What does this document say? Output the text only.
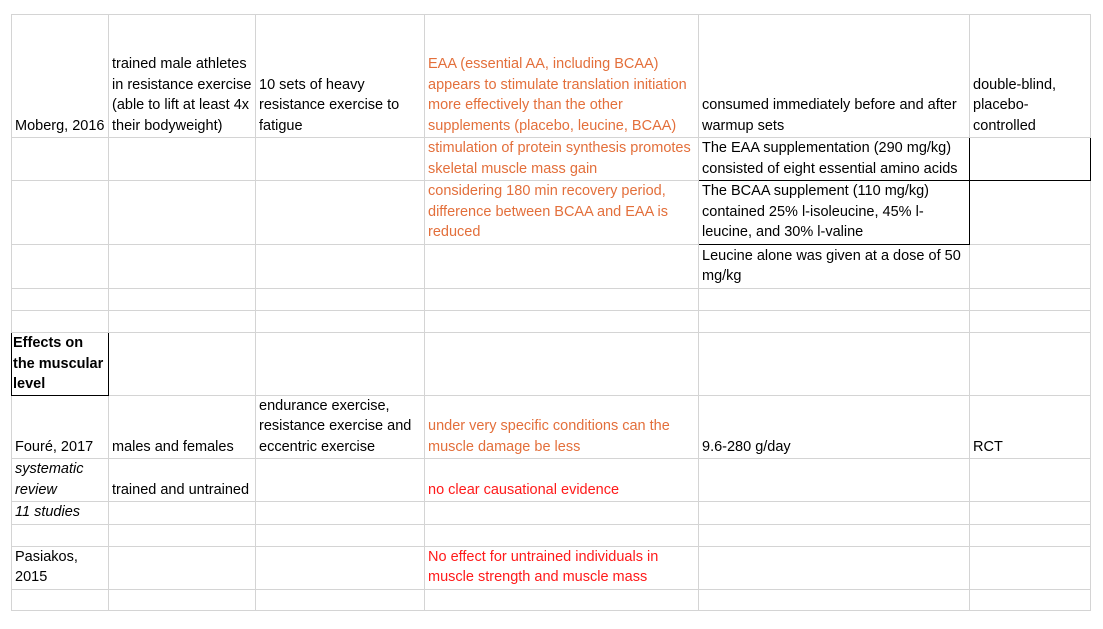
Moberg, 2016	trained male athletes in resistance exercise (able to lift at least 4x their bodyweight)	10 sets of heavy resistance exercise to fatigue	EAA (essential AA, including BCAA) appears to stimulate translation initiation more effectively than the other supplements (placebo, leucine, BCAA)	consumed immediately before and after warmup sets	double-blind, placebo-controlled
			stimulation of protein synthesis promotes skeletal muscle mass gain	The EAA supplementation (290 mg/kg) consisted of eight essential amino acids	
			considering 180 min recovery period, difference between BCAA and EAA is reduced	The BCAA supplement (110 mg/kg) contained 25% l-isoleucine, 45% l-leucine, and 30% l-valine	
				Leucine alone was given at a dose of 50 mg/kg	

Effects on the muscular level					
Fouré, 2017	males and females	endurance exercise, resistance exercise and eccentric exercise	under very specific conditions can the muscle damage be less	9.6-280 g/day	RCT
systematic review	trained and untrained		no clear causational evidence		
11 studies					

Pasiakos, 2015			No effect for untrained individuals in muscle strength and muscle mass		
